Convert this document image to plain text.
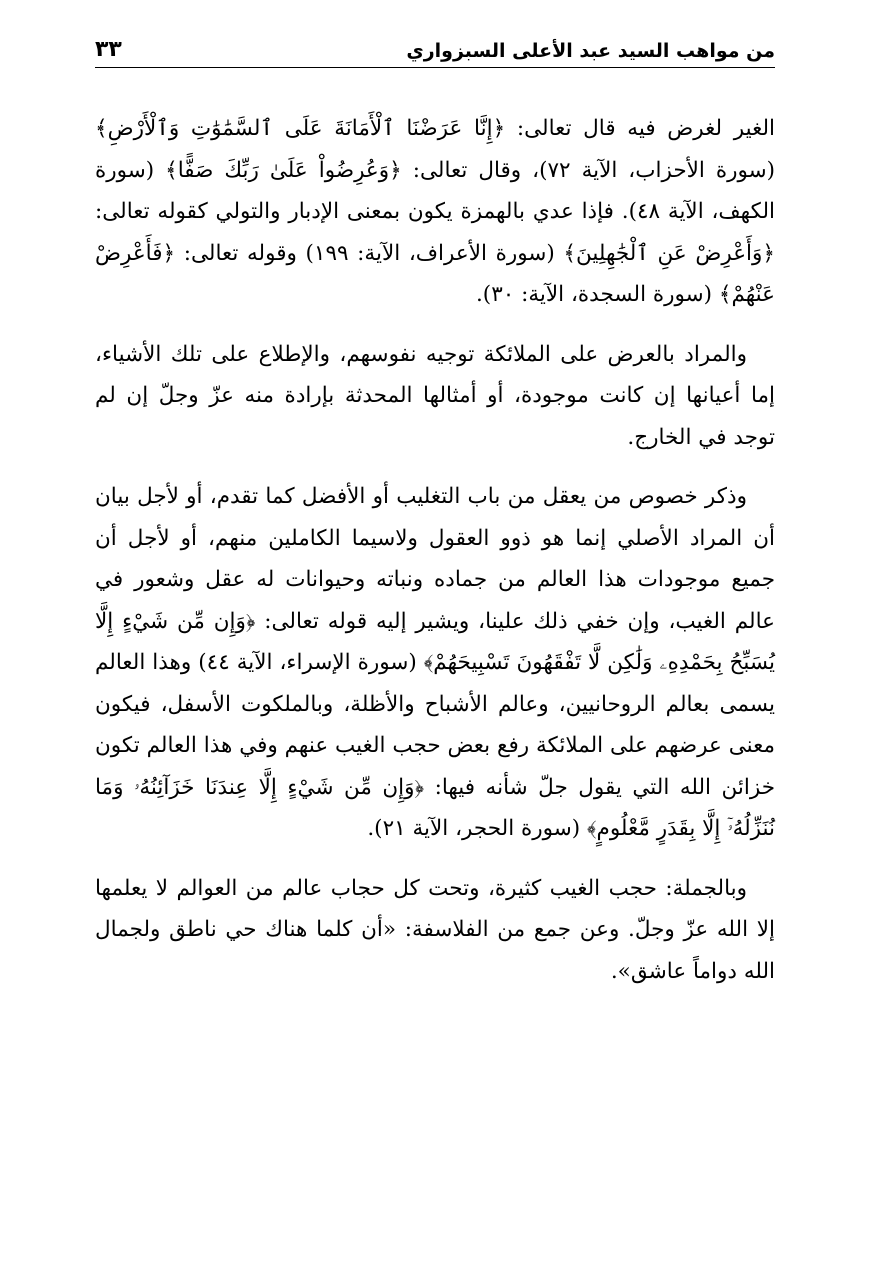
من مواهب السيد عبد الأعلى السبزواري
٣٣

الغير لغرض فيه قال تعالى: ﴿إِنَّا عَرَضْنَا ٱلْأَمَانَةَ عَلَى ٱلسَّمَٰوَٰتِ وَٱلْأَرْضِ﴾ (سورة الأحزاب، الآية ٧٢)، وقال تعالى: ﴿وَعُرِضُواْ عَلَىٰ رَبِّكَ صَفًّا﴾ (سورة الكهف، الآية ٤٨). فإذا عدي بالهمزة يكون بمعنى الإدبار والتولي كقوله تعالى: ﴿وَأَعْرِضْ عَنِ ٱلْجَٰهِلِينَ﴾ (سورة الأعراف، الآية: ١٩٩) وقوله تعالى: ﴿فَأَعْرِضْ عَنْهُمْ﴾ (سورة السجدة، الآية: ٣٠).

والمراد بالعرض على الملائكة توجيه نفوسهم، والإطلاع على تلك الأشياء، إما أعيانها إن كانت موجودة، أو أمثالها المحدثة بإرادة منه عزّ وجلّ إن لم توجد في الخارج.

وذكر خصوص من يعقل من باب التغليب أو الأفضل كما تقدم، أو لأجل بيان أن المراد الأصلي إنما هو ذوو العقول ولاسيما الكاملين منهم، أو لأجل أن جميع موجودات هذا العالم من جماده ونباته وحيوانات له عقل وشعور في عالم الغيب، وإن خفي ذلك علينا، ويشير إليه قوله تعالى: ﴿وَإِن مِّن شَيْءٍ إِلَّا يُسَبِّحُ بِحَمْدِهِۦ وَلَٰكِن لَّا تَفْقَهُونَ تَسْبِيحَهُمْ﴾ (سورة الإسراء، الآية ٤٤) وهذا العالم يسمى بعالم الروحانيين، وعالم الأشباح والأظلة، وبالملكوت الأسفل، فيكون معنى عرضهم على الملائكة رفع بعض حجب الغيب عنهم وفي هذا العالم تكون خزائن الله التي يقول جلّ شأنه فيها: ﴿وَإِن مِّن شَيْءٍ إِلَّا عِندَنَا خَزَآئِنُهُۥ وَمَا نُنَزِّلُهُۥٓ إِلَّا بِقَدَرٍ مَّعْلُومٍ﴾ (سورة الحجر، الآية ٢١).

وبالجملة: حجب الغيب كثيرة، وتحت كل حجاب عالم من العوالم لا يعلمها إلا الله عزّ وجلّ. وعن جمع من الفلاسفة: «أن كلما هناك حي ناطق ولجمال الله دواماً عاشق».
